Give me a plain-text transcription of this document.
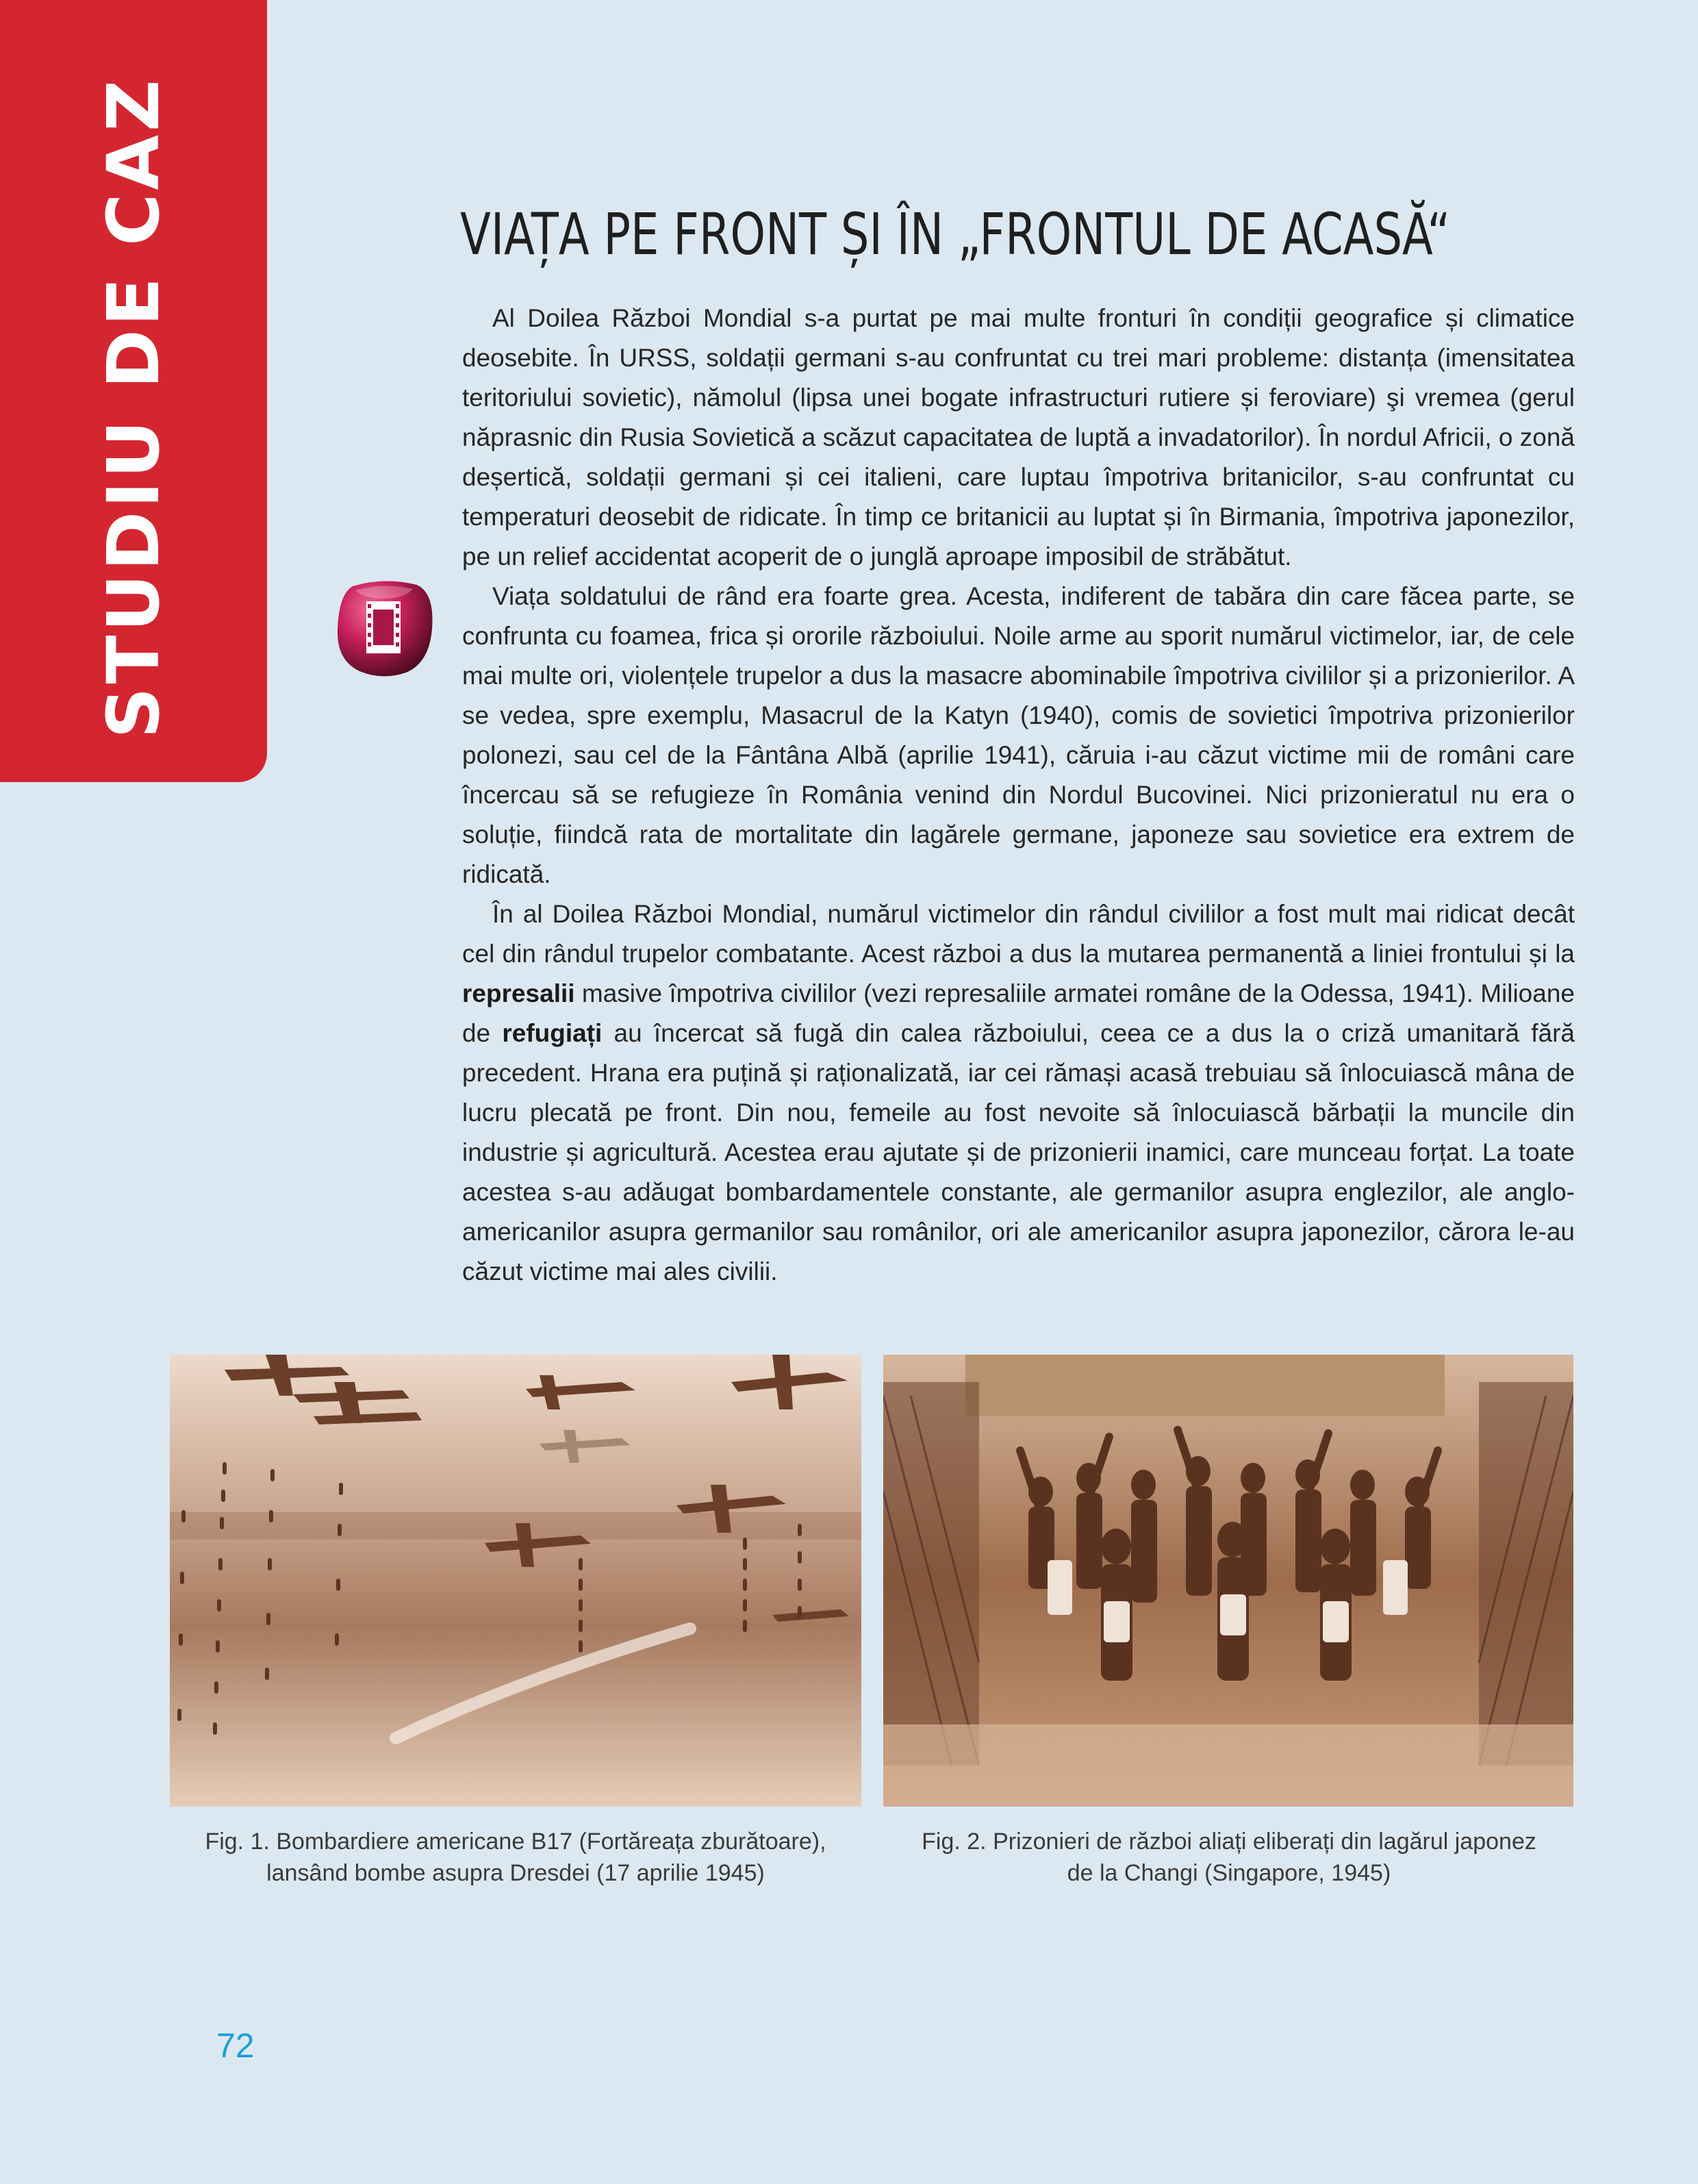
STUDIU DE CAZ	VIAȚA PE FRONT ȘI ÎN „FRONTUL DE ACASĂ“

Al Doilea Război Mondial s-a purtat pe mai multe fronturi în condiții geografice și climatice deosebite. În URSS, soldații germani s-au confruntat cu trei mari probleme: distanța (imensitatea teritoriului sovietic), nămolul (lipsa unei bogate infrastructuri rutiere și feroviare) şi vremea (gerul năprasnic din Rusia Sovietică a scăzut capacitatea de luptă a invadatorilor). În nordul Africii, o zonă deșertică, soldații germani și cei italieni, care luptau împotriva britanicilor, s-au confruntat cu temperaturi deosebit de ridicate. În timp ce britanicii au luptat și în Birmania, împotriva japonezilor, pe un relief accidentat acoperit de o junglă aproape imposibil de străbătut.

Viața soldatului de rând era foarte grea. Acesta, indiferent de tabăra din care făcea parte, se confrunta cu foamea, frica și ororile războiului. Noile arme au sporit numărul victimelor, iar, de cele mai multe ori, violențele trupelor a dus la masacre abominabile împotriva civililor și a prizonierilor. A se vedea, spre exemplu, Masacrul de la Katyn (1940), comis de sovietici împotriva prizonierilor polonezi, sau cel de la Fântâna Albă (aprilie 1941), căruia i-au căzut victime mii de români care încercau să se refugieze în România venind din Nordul Bucovinei. Nici prizonieratul nu era o soluție, fiindcă rata de mortalitate din lagărele germane, japoneze sau sovietice era extrem de ridicată.

În al Doilea Război Mondial, numărul victimelor din rândul civililor a fost mult mai ridicat decât cel din rândul trupelor combatante. Acest război a dus la mutarea permanentă a liniei frontului și la represalii masive împotriva civililor (vezi represaliile armatei române de la Odessa, 1941). Milioane de refugiați au încercat să fugă din calea războiului, ceea ce a dus la o criză umanitară fără precedent. Hrana era puțină și raționalizată, iar cei rămași acasă trebuiau să înlocuiască mâna de lucru plecată pe front. Din nou, femeile au fost nevoite să înlocuiască bărbații la muncile din industrie și agricultură. Acestea erau ajutate și de prizonierii inamici, care munceau forțat. La toate acestea s-au adăugat bombardamentele constante, ale germanilor asupra englezilor, ale anglo-americanilor asupra germanilor sau românilor, ori ale americanilor asupra japonezilor, cărora le-au căzut victime mai ales civilii.

Fig. 1. Bombardiere americane B17 (Fortăreața zburătoare),
lansând bombe asupra Dresdei (17 aprilie 1945)
Fig. 2. Prizonieri de război aliați eliberați din lagărul japonez
de la Changi (Singapore, 1945)
72
